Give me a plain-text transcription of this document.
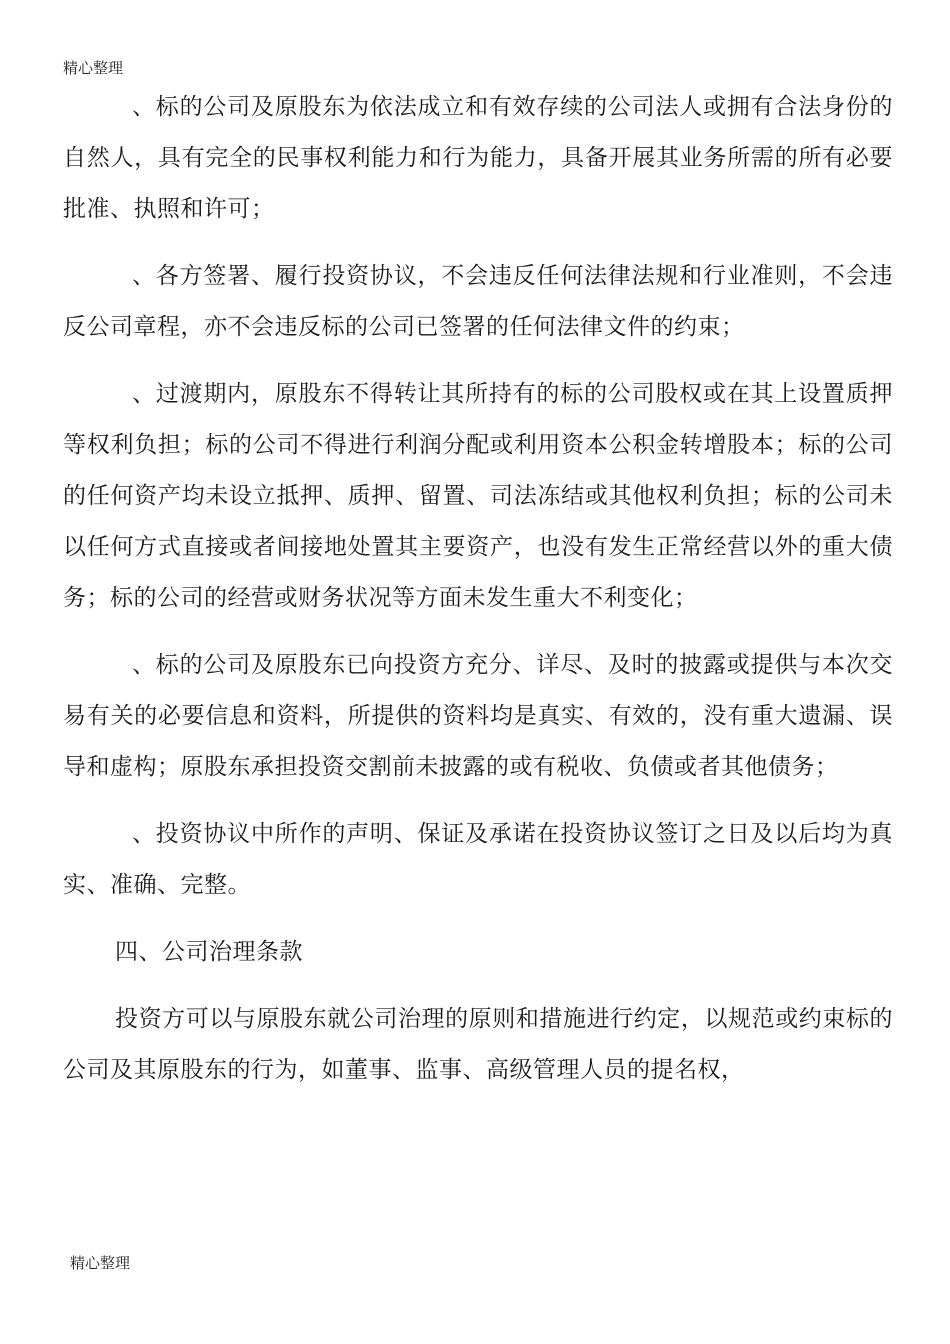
精心整理

、标的公司及原股东为依法成立和有效存续的公司法人或拥有合法身份的自然人，具有完全的民事权利能力和行为能力，具备开展其业务所需的所有必要批准、执照和许可；

、各方签署、履行投资协议，不会违反任何法律法规和行业准则，不会违反公司章程，亦不会违反标的公司已签署的任何法律文件的约束；

、过渡期内，原股东不得转让其所持有的标的公司股权或在其上设置质押等权利负担；标的公司不得进行利润分配或利用资本公积金转增股本；标的公司的任何资产均未设立抵押、质押、留置、司法冻结或其他权利负担；标的公司未以任何方式直接或者间接地处置其主要资产，也没有发生正常经营以外的重大债务；标的公司的经营或财务状况等方面未发生重大不利变化；

、标的公司及原股东已向投资方充分、详尽、及时的披露或提供与本次交易有关的必要信息和资料，所提供的资料均是真实、有效的，没有重大遗漏、误导和虚构；原股东承担投资交割前未披露的或有税收、负债或者其他债务；

、投资协议中所作的声明、保证及承诺在投资协议签订之日及以后均为真实、准确、完整。

四、公司治理条款

投资方可以与原股东就公司治理的原则和措施进行约定，以规范或约束标的公司及其原股东的行为，如董事、监事、高级管理人员的提名权，

精心整理
